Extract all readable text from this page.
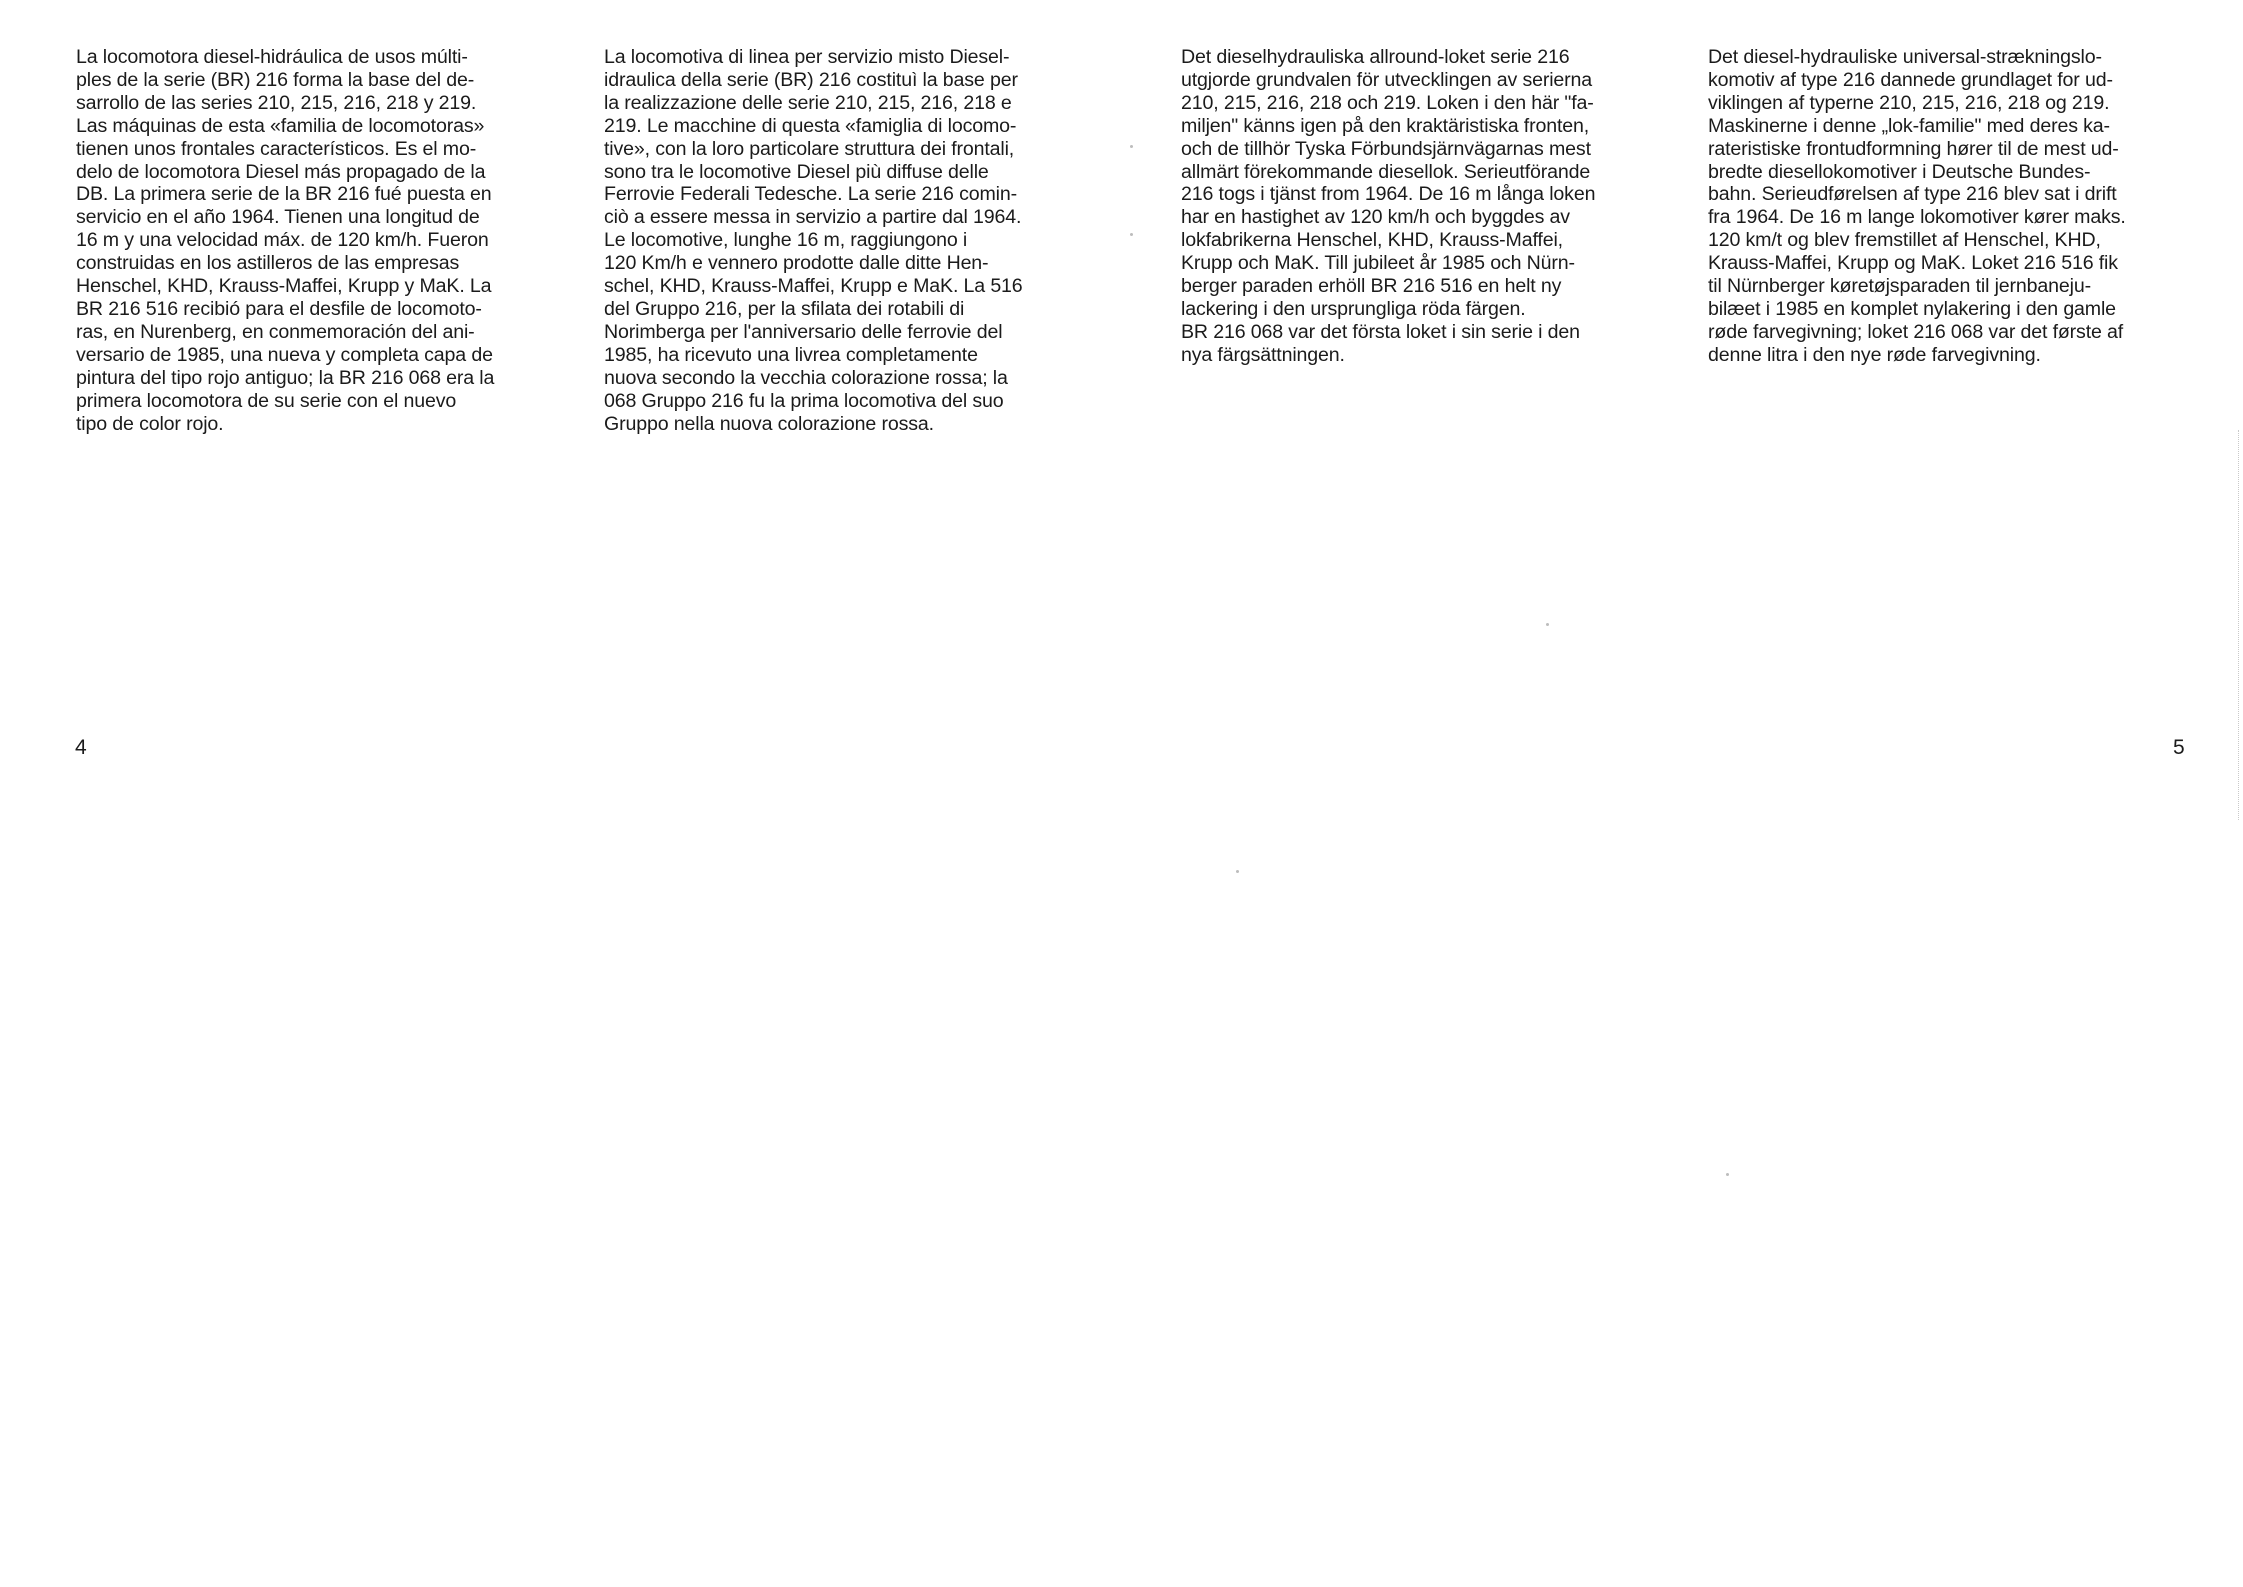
La locomotora diesel-hidráulica de usos múlti-
ples de la serie (BR) 216 forma la base del de-
sarrollo de las series 210, 215, 216, 218 y 219.
Las máquinas de esta «familia de locomotoras»
tienen unos frontales característicos. Es el mo-
delo de locomotora Diesel más propagado de la
DB. La primera serie de la BR 216 fué puesta en
servicio en el año 1964. Tienen una longitud de
16 m y una velocidad máx. de 120 km/h. Fueron
construidas en los astilleros de las empresas
Henschel, KHD, Krauss-Maffei, Krupp y MaK. La
BR 216 516 recibió para el desfile de locomoto-
ras, en Nurenberg, en conmemoración del ani-
versario de 1985, una nueva y completa capa de
pintura del tipo rojo antiguo; la BR 216 068 era la
primera locomotora de su serie con el nuevo
tipo de color rojo.
La locomotiva di linea per servizio misto Diesel-
idraulica della serie (BR) 216 costituì la base per
la realizzazione delle serie 210, 215, 216, 218 e
219. Le macchine di questa «famiglia di locomo-
tive», con la loro particolare struttura dei frontali,
sono tra le locomotive Diesel più diffuse delle
Ferrovie Federali Tedesche. La serie 216 comin-
ciò a essere messa in servizio a partire dal 1964.
Le locomotive, lunghe 16 m, raggiungono i
120 Km/h e vennero prodotte dalle ditte Hen-
schel, KHD, Krauss-Maffei, Krupp e MaK. La 516
del Gruppo 216, per la sfilata dei rotabili di
Norimberga per l'anniversario delle ferrovie del
1985, ha ricevuto una livrea completamente
nuova secondo la vecchia colorazione rossa; la
068 Gruppo 216 fu la prima locomotiva del suo
Gruppo nella nuova colorazione rossa.
4
Det dieselhydrauliska allround-loket serie 216
utgjorde grundvalen för utvecklingen av serierna
210, 215, 216, 218 och 219. Loken i den här "fa-
miljen" känns igen på den kraktäristiska fronten,
och de tillhör Tyska Förbundsjärnvägarnas mest
allmärt förekommande diesellok. Serieutförande
216 togs i tjänst from 1964. De 16 m långa loken
har en hastighet av 120 km/h och byggdes av
lokfabrikerna Henschel, KHD, Krauss-Maffei,
Krupp och MaK. Till jubileet år 1985 och Nürn-
berger paraden erhöll BR 216 516 en helt ny
lackering i den ursprungliga röda färgen.
BR 216 068 var det första loket i sin serie i den
nya färgsättningen.
Det diesel-hydrauliske universal-strækningslo-
komotiv af type 216 dannede grundlaget for ud-
viklingen af typerne 210, 215, 216, 218 og 219.
Maskinerne i denne „lok-familie" med deres ka-
rateristiske frontudformning hører til de mest ud-
bredte diesellokomotiver i Deutsche Bundes-
bahn. Serieudførelsen af type 216 blev sat i drift
fra 1964. De 16 m lange lokomotiver kører maks.
120 km/t og blev fremstillet af Henschel, KHD,
Krauss-Maffei, Krupp og MaK. Loket 216 516 fik
til Nürnberger køretøjsparaden til jernbaneju-
bilæet i 1985 en komplet nylakering i den gamle
røde farvegivning; loket 216 068 var det første af
denne litra i den nye røde farvegivning.
5
